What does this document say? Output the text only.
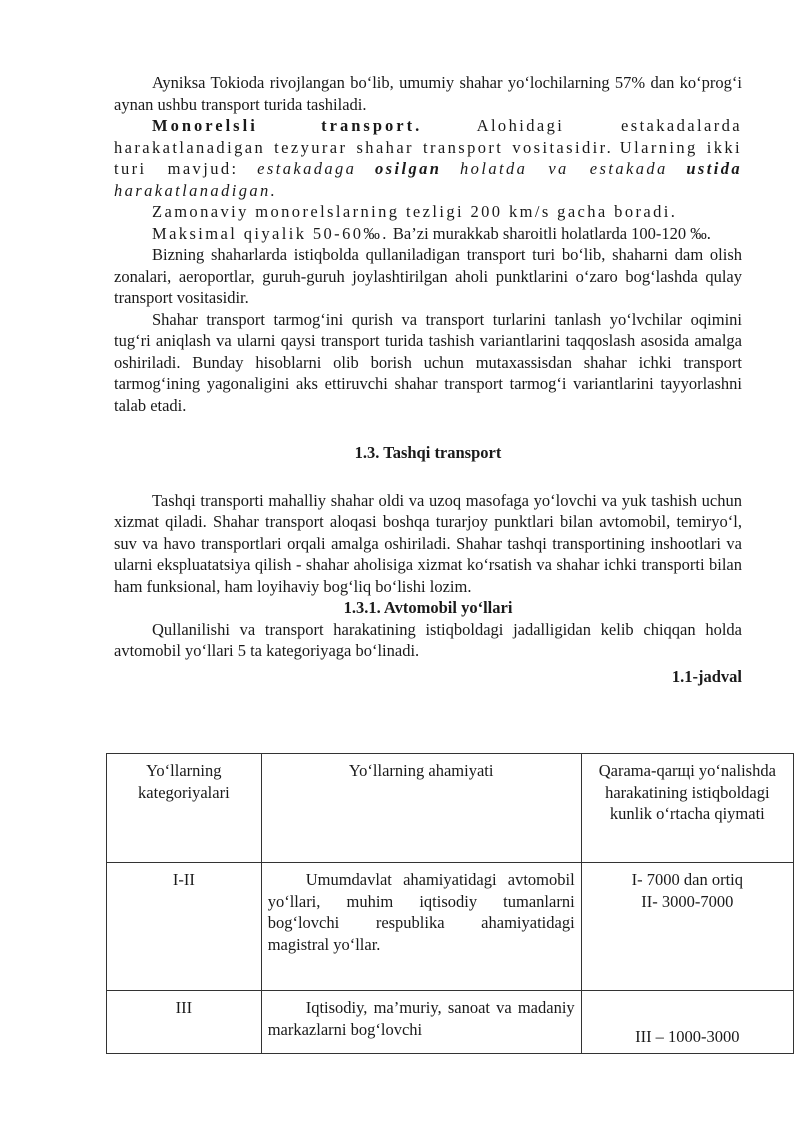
Ayniksa Tokioda rivojlangan bo‘lib, umumiy shahar yo‘lochilarning 57% dan ko‘prog‘i aynan ushbu transport turida tashiladi.

Monorelsli transport.	Alohidagi estakadalarda harakatlanadigan tezyurar shahar transport vositasidir. Ularning ikki turi mavjud: estakadaga osilgan holatda va estakada ustida harakatlanadigan.

Zamonaviy monorelslarning tezligi 200 km/s gacha boradi.

Maksimal qiyalik 50-60‰. Ba’zi murakkab sharoitli holatlarda 100-120 ‰.

Bizning shaharlarda istiqbolda qullaniladigan transport turi bo‘lib, shaharni dam olish zonalari, aeroportlar, guruh-guruh joylashtirilgan aholi punktlarini o‘zaro bog‘lashda qulay transport vositasidir.

Shahar transport tarmog‘ini qurish va transport turlarini tanlash yo‘lvchilar oqimini tug‘ri aniqlash va ularni qaysi transport turida tashish variantlarini taqqoslash asosida amalga oshiriladi. Bunday hisoblarni olib borish uchun mutaxassisdan shahar ichki transport tarmog‘ining yagonaligini aks ettiruvchi shahar transport tarmog‘i variantlarini tayyorlashni talab etadi.

1.3. Tashqi transport

Tashqi transporti mahalliy shahar oldi va uzoq masofaga yo‘lovchi va yuk tashish uchun xizmat qiladi. Shahar transport aloqasi boshqa turarjoy punktlari bilan avtomobil, temiryo‘l, suv va havo transportlari orqali amalga oshiriladi. Shahar tashqi transportining inshootlari va ularni ekspluatatsiya qilish - shahar aholisiga xizmat ko‘rsatish va shahar ichki transporti bilan ham funksional, ham loyihaviy bog‘liq bo‘lishi lozim.

1.3.1. Avtomobil yo‘llari

Qullanilishi va transport harakatining istiqboldagi jadalligidan kelib chiqqan holda avtomobil yo‘llari 5 ta kategoriyaga bo‘linadi.

1.1-jadval
Yo‘llarning kategoriyalari	Yo‘llarning ahamiyati	Qarama-qarщi yo‘nalishda harakatining istiqboldagi kunlik o‘rtacha qiymati
I-II	Umumdavlat ahamiyatidagi avtomobil yo‘llari, muhim iqtisodiy tumanlarni bog‘lovchi respublika ahamiyatidagi magistral yo‘llar.	I- 7000 dan ortiq
II- 3000-7000

III	Iqtisodiy, ma’muriy, sanoat va madaniy markazlarni bog‘lovchi	III – 1000-3000
